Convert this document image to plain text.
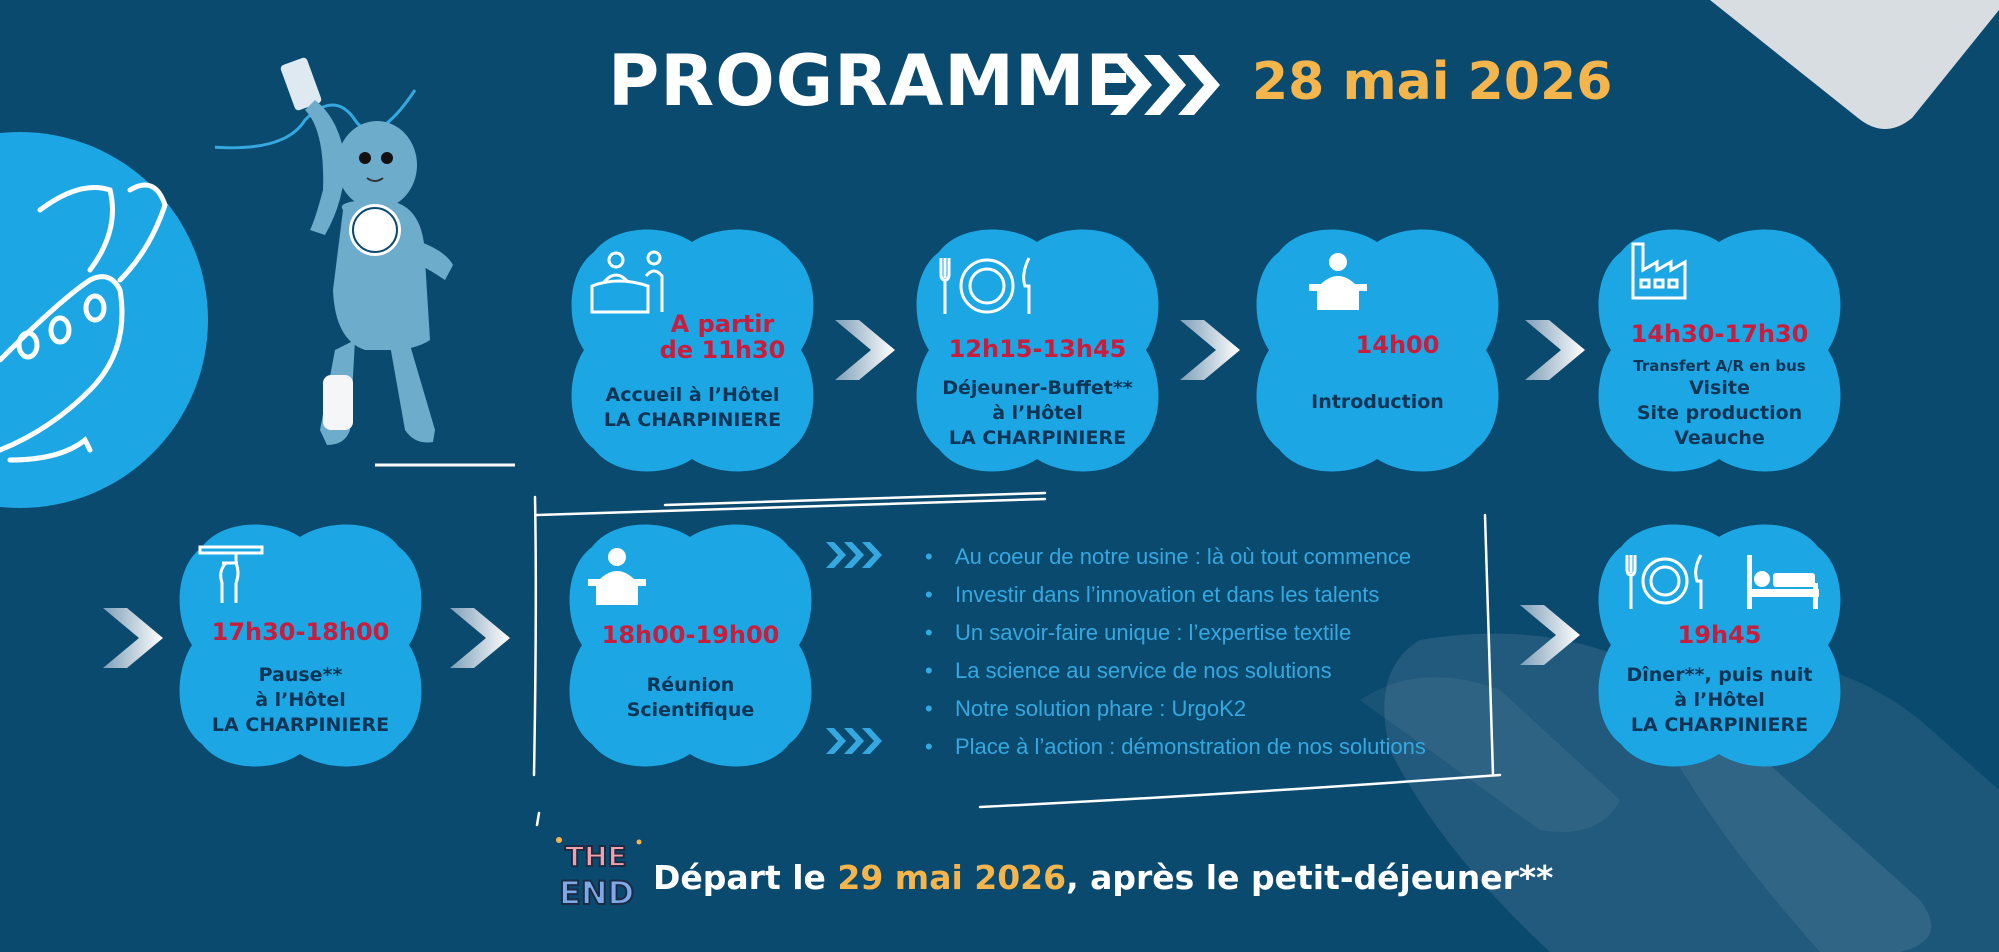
PROGRAMME 28 mai 2026
A partir
de 11h30
Accueil à l’Hôtel
LA CHARPINIERE
12h15-13h45
Déjeuner-Buffet**
à l’Hôtel
LA CHARPINIERE
14h00
Introduction
14h30-17h30
Transfert A/R en bus
Visite
Site production
Veauche
17h30-18h00
Pause**
à l’Hôtel
LA CHARPINIERE
18h00-19h00
Réunion
Scientifique
• Au coeur de notre usine : là où tout commence
• Investir dans l’innovation et dans les talents
• Un savoir-faire unique : l’expertise textile
• La science au service de nos solutions
• Notre solution phare : UrgoK2
• Place à l’action : démonstration de nos solutions
19h45
Dîner**, puis nuit
à l’Hôtel
LA CHARPINIERE
THE
END Départ le 29 mai 2026, après le petit-déjeuner**
